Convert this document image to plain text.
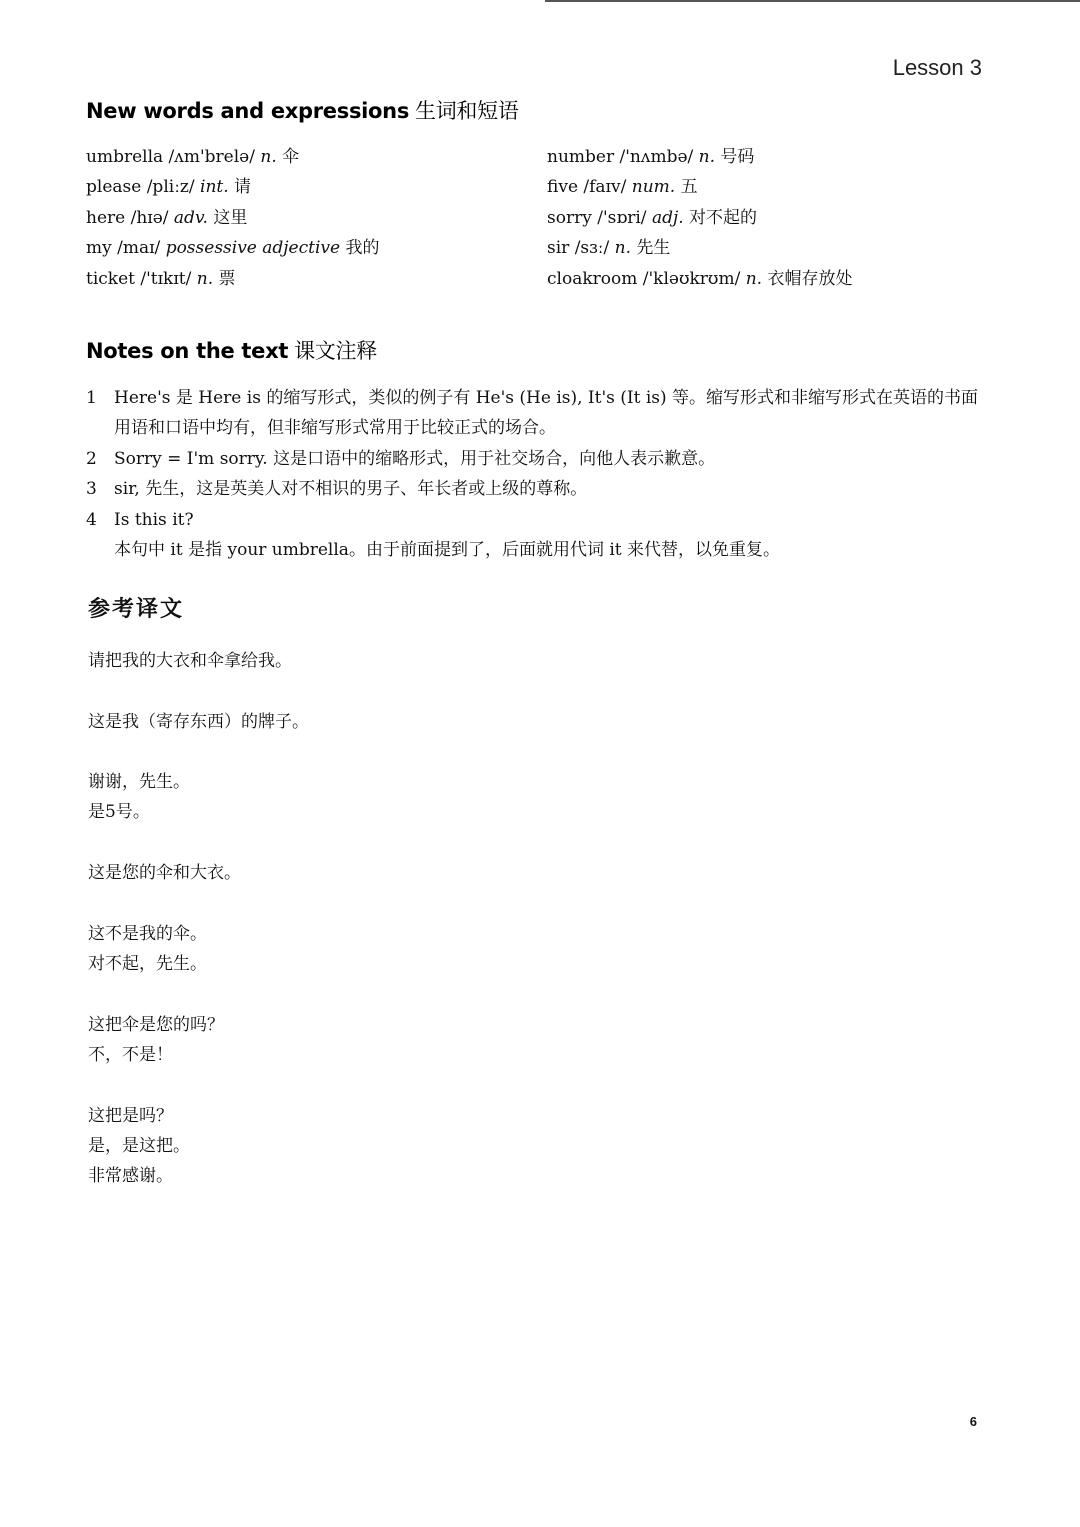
Lesson 3
New words and expressions 生词和短语
umbrella /ʌm'brelə/ n. 伞
please /pliːz/ int. 请
here /hɪə/ adv. 这里
my /maɪ/ possessive adjective 我的
ticket /'tɪkɪt/ n. 票
number /'nʌmbə/ n. 号码
five /faɪv/ num. 五
sorry /'sɒri/ adj. 对不起的
sir /sɜː/ n. 先生
cloakroom /'kləʊkrʊm/ n. 衣帽存放处
Notes on the text 课文注释
1	Here's 是 Here is 的缩写形式，类似的例子有 He's (He is), It's (It is) 等。缩写形式和非缩写形式在英语的书面用语和口语中均有，但非缩写形式常用于比较正式的场合。
2	Sorry = I'm sorry. 这是口语中的缩略形式，用于社交场合，向他人表示歉意。
3	sir, 先生，这是英美人对不相识的男子、年长者或上级的尊称。
4	Is this it?
本句中 it 是指 your umbrella。由于前面提到了，后面就用代词 it 来代替，以免重复。
参考译文
请把我的大衣和伞拿给我。
这是我（寄存东西）的牌子。
谢谢，先生。
是5号。
这是您的伞和大衣。
这不是我的伞。
对不起，先生。
这把伞是您的吗？
不，不是！
这把是吗？
是，是这把。
非常感谢。
6
